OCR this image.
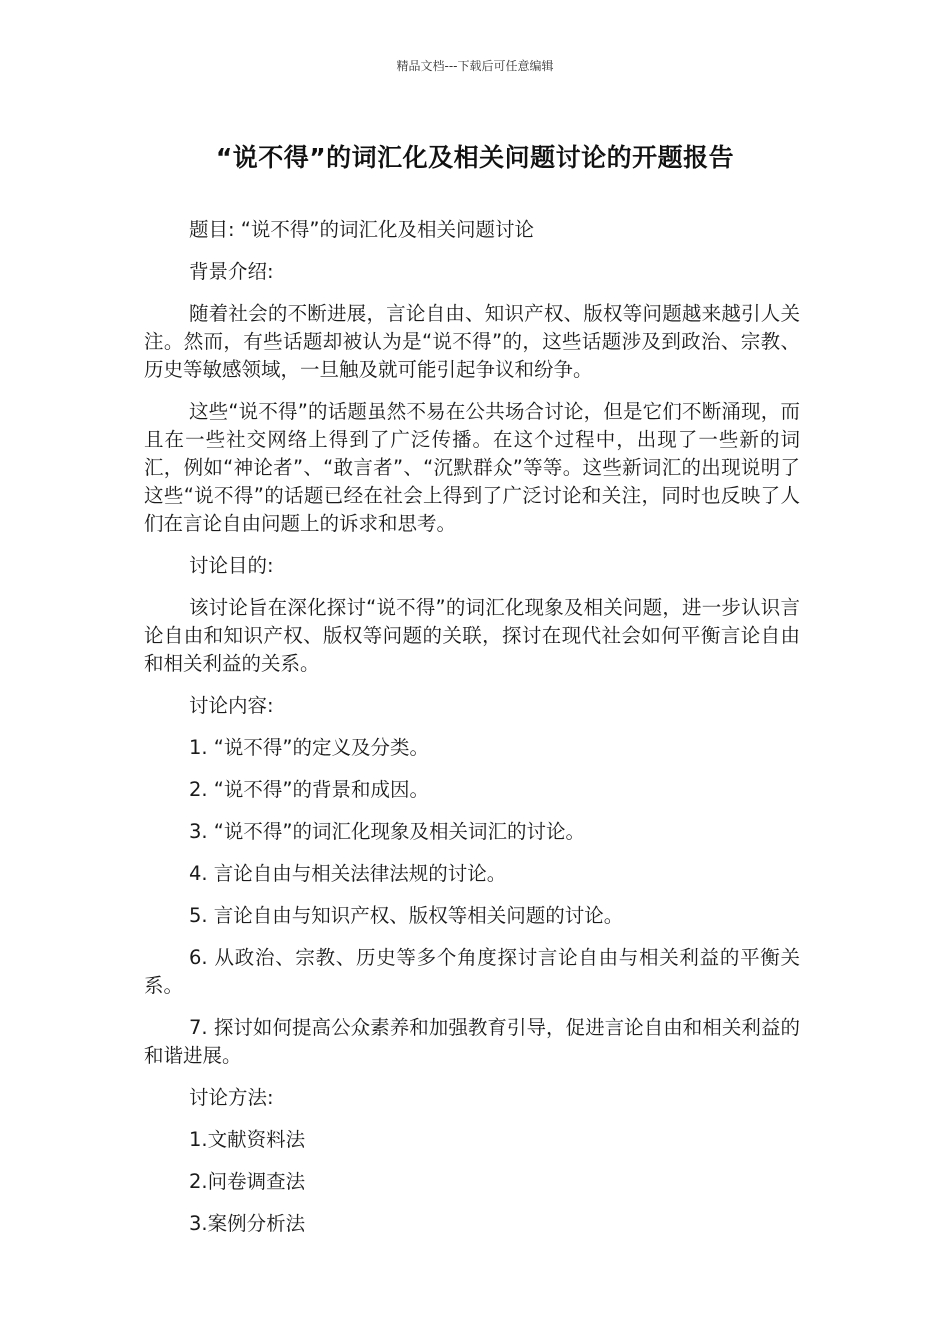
精品文档---下载后可任意编辑
“说不得”的词汇化及相关问题讨论的开题报告

题目: “说不得”的词汇化及相关问题讨论

背景介绍:

随着社会的不断进展，言论自由、知识产权、版权等问题越来越引人关注。然而，有些话题却被认为是“说不得”的，这些话题涉及到政治、宗教、历史等敏感领域，一旦触及就可能引起争议和纷争。

这些“说不得”的话题虽然不易在公共场合讨论，但是它们不断涌现，而且在一些社交网络上得到了广泛传播。在这个过程中，出现了一些新的词汇，例如“神论者”、“敢言者”、“沉默群众”等等。这些新词汇的出现说明了这些“说不得”的话题已经在社会上得到了广泛讨论和关注，同时也反映了人们在言论自由问题上的诉求和思考。

讨论目的:

该讨论旨在深化探讨“说不得”的词汇化现象及相关问题，进一步认识言论自由和知识产权、版权等问题的关联，探讨在现代社会如何平衡言论自由和相关利益的关系。

讨论内容:

1. “说不得”的定义及分类。

2. “说不得”的背景和成因。

3. “说不得”的词汇化现象及相关词汇的讨论。

4. 言论自由与相关法律法规的讨论。

5. 言论自由与知识产权、版权等相关问题的讨论。

6. 从政治、宗教、历史等多个角度探讨言论自由与相关利益的平衡关系。

7. 探讨如何提高公众素养和加强教育引导，促进言论自由和相关利益的和谐进展。

讨论方法:

1.文献资料法

2.问卷调查法

3.案例分析法
